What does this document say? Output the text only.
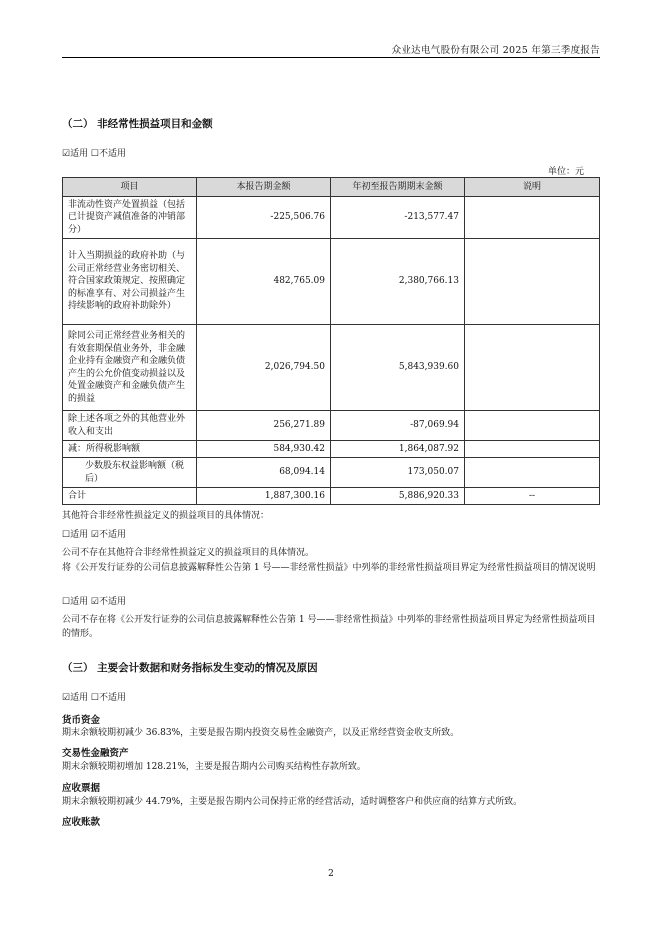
众业达电气股份有限公司 2025 年第三季度报告
（二） 非经常性损益项目和金额
☑适用 ☐不适用
单位：元
项目	本报告期金额	年初至报告期期末金额	说明
非流动性资产处置损益（包括已计提资产减值准备的冲销部分）	-225,506.76	-213,577.47	
计入当期损益的政府补助（与公司正常经营业务密切相关、符合国家政策规定、按照确定的标准享有、对公司损益产生持续影响的政府补助除外）	482,765.09	2,380,766.13	
除同公司正常经营业务相关的有效套期保值业务外，非金融企业持有金融资产和金融负债产生的公允价值变动损益以及处置金融资产和金融负债产生的损益	2,026,794.50	5,843,939.60	
除上述各项之外的其他营业外收入和支出	256,271.89	-87,069.94	
减：所得税影响额	584,930.42	1,864,087.92	
少数股东权益影响额（税后）	68,094.14	173,050.07	
合计	1,887,300.16	5,886,920.33	--
其他符合非经常性损益定义的损益项目的具体情况：
☐适用 ☑不适用
公司不存在其他符合非经常性损益定义的损益项目的具体情况。
将《公开发行证券的公司信息披露解释性公告第 1 号——非经常性损益》中列举的非经常性损益项目界定为经常性损益项目的情况说明
☐适用 ☑不适用
公司不存在将《公开发行证券的公司信息披露解释性公告第 1 号——非经常性损益》中列举的非经常性损益项目界定为经常性损益项目的情形。
（三） 主要会计数据和财务指标发生变动的情况及原因
☑适用 ☐不适用
货币资金
期末余额较期初减少 36.83%，主要是报告期内投资交易性金融资产，以及正常经营资金收支所致。
交易性金融资产
期末余额较期初增加 128.21%，主要是报告期内公司购买结构性存款所致。
应收票据
期末余额较期初减少 44.79%，主要是报告期内公司保持正常的经营活动，适时调整客户和供应商的结算方式所致。
应收账款
2
